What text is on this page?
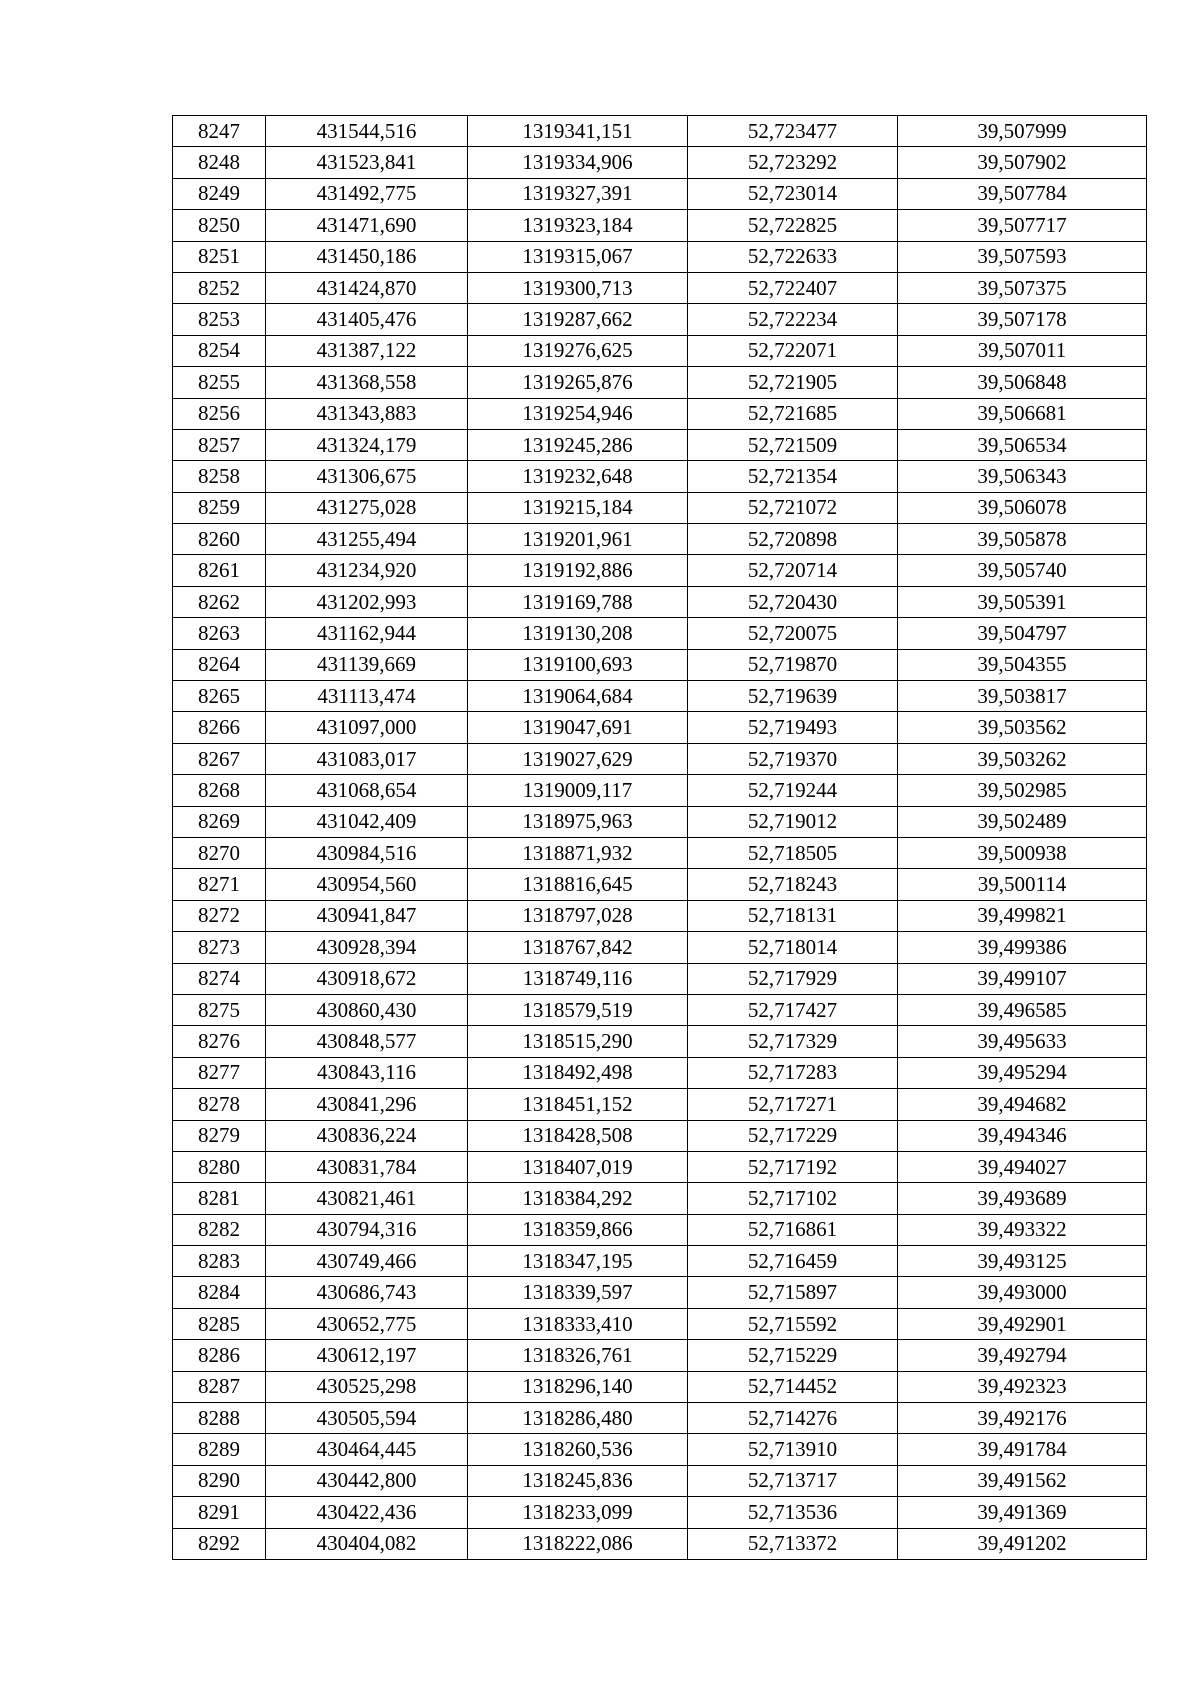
8247	431544,516	1319341,151	52,723477	39,507999
8248	431523,841	1319334,906	52,723292	39,507902
8249	431492,775	1319327,391	52,723014	39,507784
8250	431471,690	1319323,184	52,722825	39,507717
8251	431450,186	1319315,067	52,722633	39,507593
8252	431424,870	1319300,713	52,722407	39,507375
8253	431405,476	1319287,662	52,722234	39,507178
8254	431387,122	1319276,625	52,722071	39,507011
8255	431368,558	1319265,876	52,721905	39,506848
8256	431343,883	1319254,946	52,721685	39,506681
8257	431324,179	1319245,286	52,721509	39,506534
8258	431306,675	1319232,648	52,721354	39,506343
8259	431275,028	1319215,184	52,721072	39,506078
8260	431255,494	1319201,961	52,720898	39,505878
8261	431234,920	1319192,886	52,720714	39,505740
8262	431202,993	1319169,788	52,720430	39,505391
8263	431162,944	1319130,208	52,720075	39,504797
8264	431139,669	1319100,693	52,719870	39,504355
8265	431113,474	1319064,684	52,719639	39,503817
8266	431097,000	1319047,691	52,719493	39,503562
8267	431083,017	1319027,629	52,719370	39,503262
8268	431068,654	1319009,117	52,719244	39,502985
8269	431042,409	1318975,963	52,719012	39,502489
8270	430984,516	1318871,932	52,718505	39,500938
8271	430954,560	1318816,645	52,718243	39,500114
8272	430941,847	1318797,028	52,718131	39,499821
8273	430928,394	1318767,842	52,718014	39,499386
8274	430918,672	1318749,116	52,717929	39,499107
8275	430860,430	1318579,519	52,717427	39,496585
8276	430848,577	1318515,290	52,717329	39,495633
8277	430843,116	1318492,498	52,717283	39,495294
8278	430841,296	1318451,152	52,717271	39,494682
8279	430836,224	1318428,508	52,717229	39,494346
8280	430831,784	1318407,019	52,717192	39,494027
8281	430821,461	1318384,292	52,717102	39,493689
8282	430794,316	1318359,866	52,716861	39,493322
8283	430749,466	1318347,195	52,716459	39,493125
8284	430686,743	1318339,597	52,715897	39,493000
8285	430652,775	1318333,410	52,715592	39,492901
8286	430612,197	1318326,761	52,715229	39,492794
8287	430525,298	1318296,140	52,714452	39,492323
8288	430505,594	1318286,480	52,714276	39,492176
8289	430464,445	1318260,536	52,713910	39,491784
8290	430442,800	1318245,836	52,713717	39,491562
8291	430422,436	1318233,099	52,713536	39,491369
8292	430404,082	1318222,086	52,713372	39,491202
